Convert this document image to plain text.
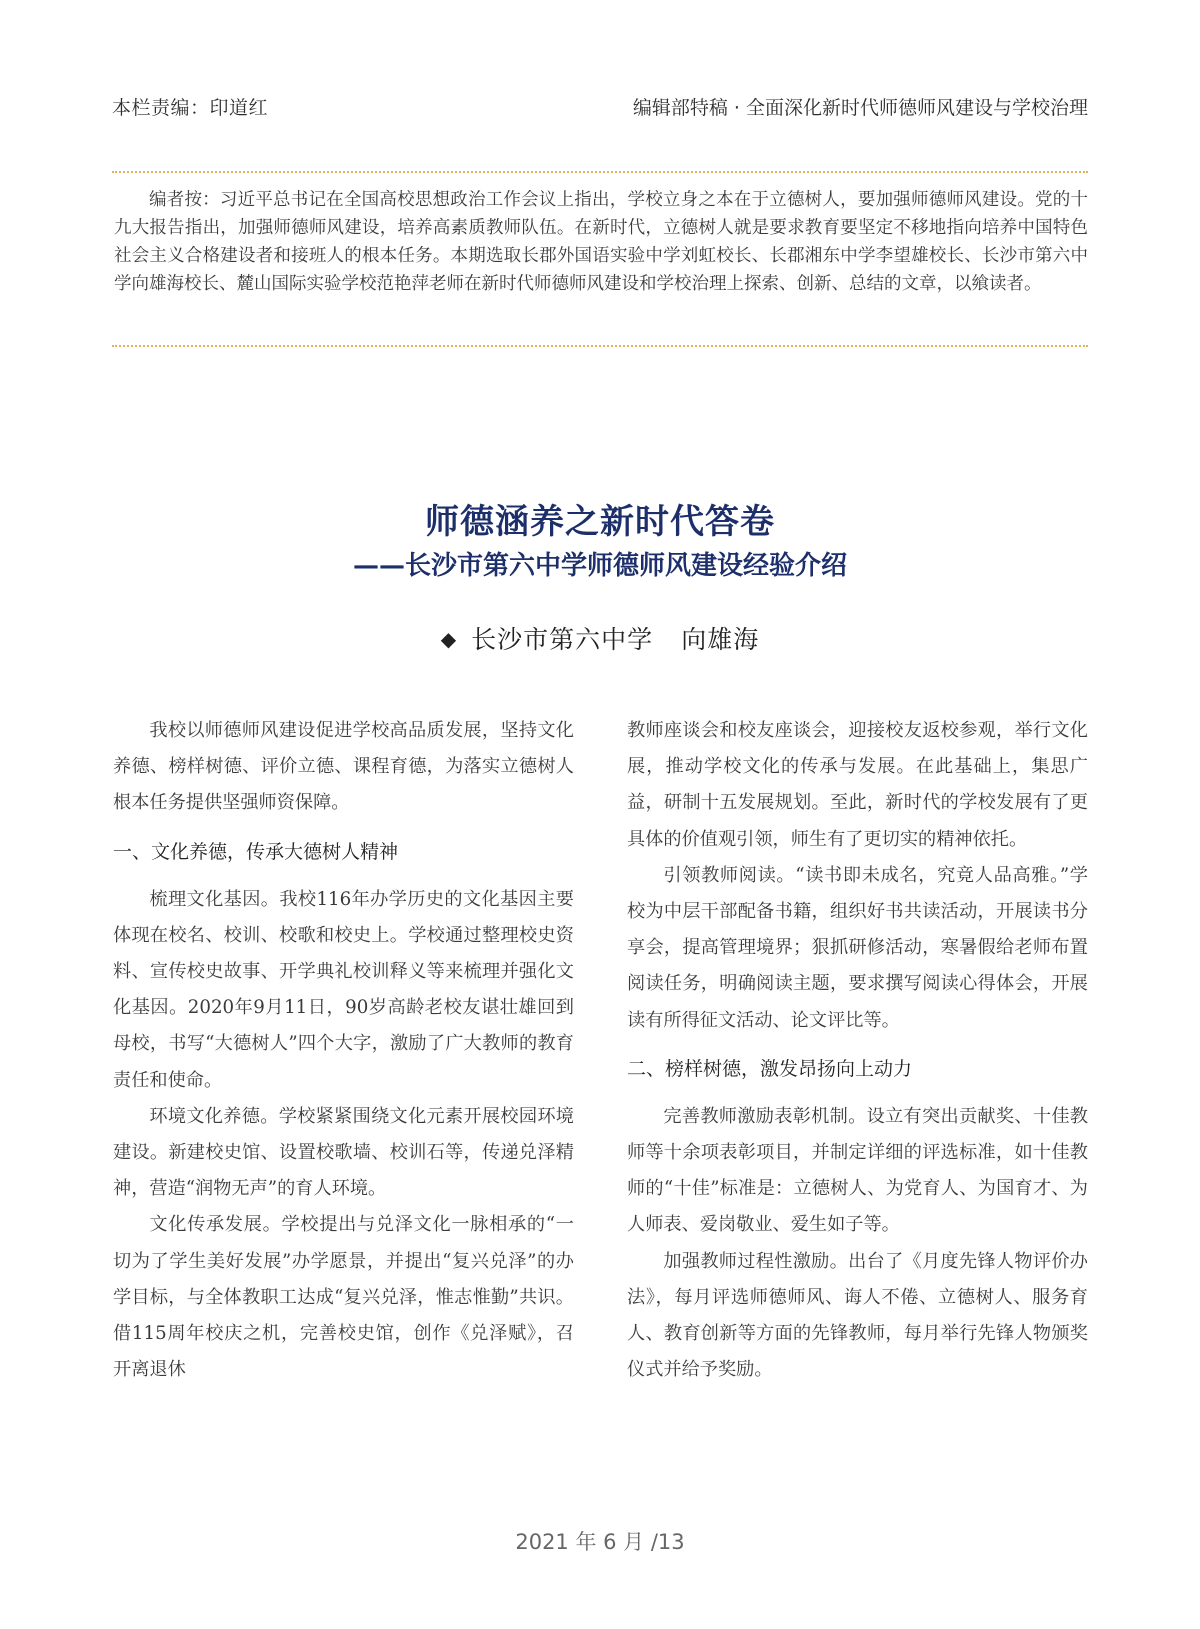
本栏责编：印道红	编辑部特稿 · 全面深化新时代师德师风建设与学校治理

编者按：习近平总书记在全国高校思想政治工作会议上指出，学校立身之本在于立德树人，要加强师德师风建设。党的十九大报告指出，加强师德师风建设，培养高素质教师队伍。在新时代，立德树人就是要求教育要坚定不移地指向培养中国特色社会主义合格建设者和接班人的根本任务。本期选取长郡外国语实验中学刘虹校长、长郡湘东中学李望雄校长、长沙市第六中学向雄海校长、麓山国际实验学校范艳萍老师在新时代师德师风建设和学校治理上探索、创新、总结的文章，以飨读者。

师德涵养之新时代答卷
——长沙市第六中学师德师风建设经验介绍
◆ 长沙市第六中学 向雄海

我校以师德师风建设促进学校高品质发展，坚持文化养德、榜样树德、评价立德、课程育德，为落实立德树人根本任务提供坚强师资保障。

一、文化养德，传承大德树人精神

梳理文化基因。我校116年办学历史的文化基因主要体现在校名、校训、校歌和校史上。学校通过整理校史资料、宣传校史故事、开学典礼校训释义等来梳理并强化文化基因。2020年9月11日，90岁高龄老校友谌壮雄回到母校，书写“大德树人”四个大字，激励了广大教师的教育责任和使命。

环境文化养德。学校紧紧围绕文化元素开展校园环境建设。新建校史馆、设置校歌墙、校训石等，传递兑泽精神，营造“润物无声”的育人环境。

文化传承发展。学校提出与兑泽文化一脉相承的“一切为了学生美好发展”办学愿景，并提出“复兴兑泽”的办学目标，与全体教职工达成“复兴兑泽，惟志惟勤”共识。借115周年校庆之机，完善校史馆，创作《兑泽赋》，召开离退休

教师座谈会和校友座谈会，迎接校友返校参观，举行文化展，推动学校文化的传承与发展。在此基础上，集思广益，研制十五发展规划。至此，新时代的学校发展有了更具体的价值观引领，师生有了更切实的精神依托。

引领教师阅读。“读书即未成名，究竟人品高雅。”学校为中层干部配备书籍，组织好书共读活动，开展读书分享会，提高管理境界；狠抓研修活动，寒暑假给老师布置阅读任务，明确阅读主题，要求撰写阅读心得体会，开展读有所得征文活动、论文评比等。

二、榜样树德，激发昂扬向上动力

完善教师激励表彰机制。设立有突出贡献奖、十佳教师等十余项表彰项目，并制定详细的评选标准，如十佳教师的“十佳”标准是：立德树人、为党育人、为国育才、为人师表、爱岗敬业、爱生如子等。

加强教师过程性激励。出台了《月度先锋人物评价办法》，每月评选师德师风、诲人不倦、立德树人、服务育人、教育创新等方面的先锋教师，每月举行先锋人物颁奖仪式并给予奖励。

2021 年 6 月 /13
